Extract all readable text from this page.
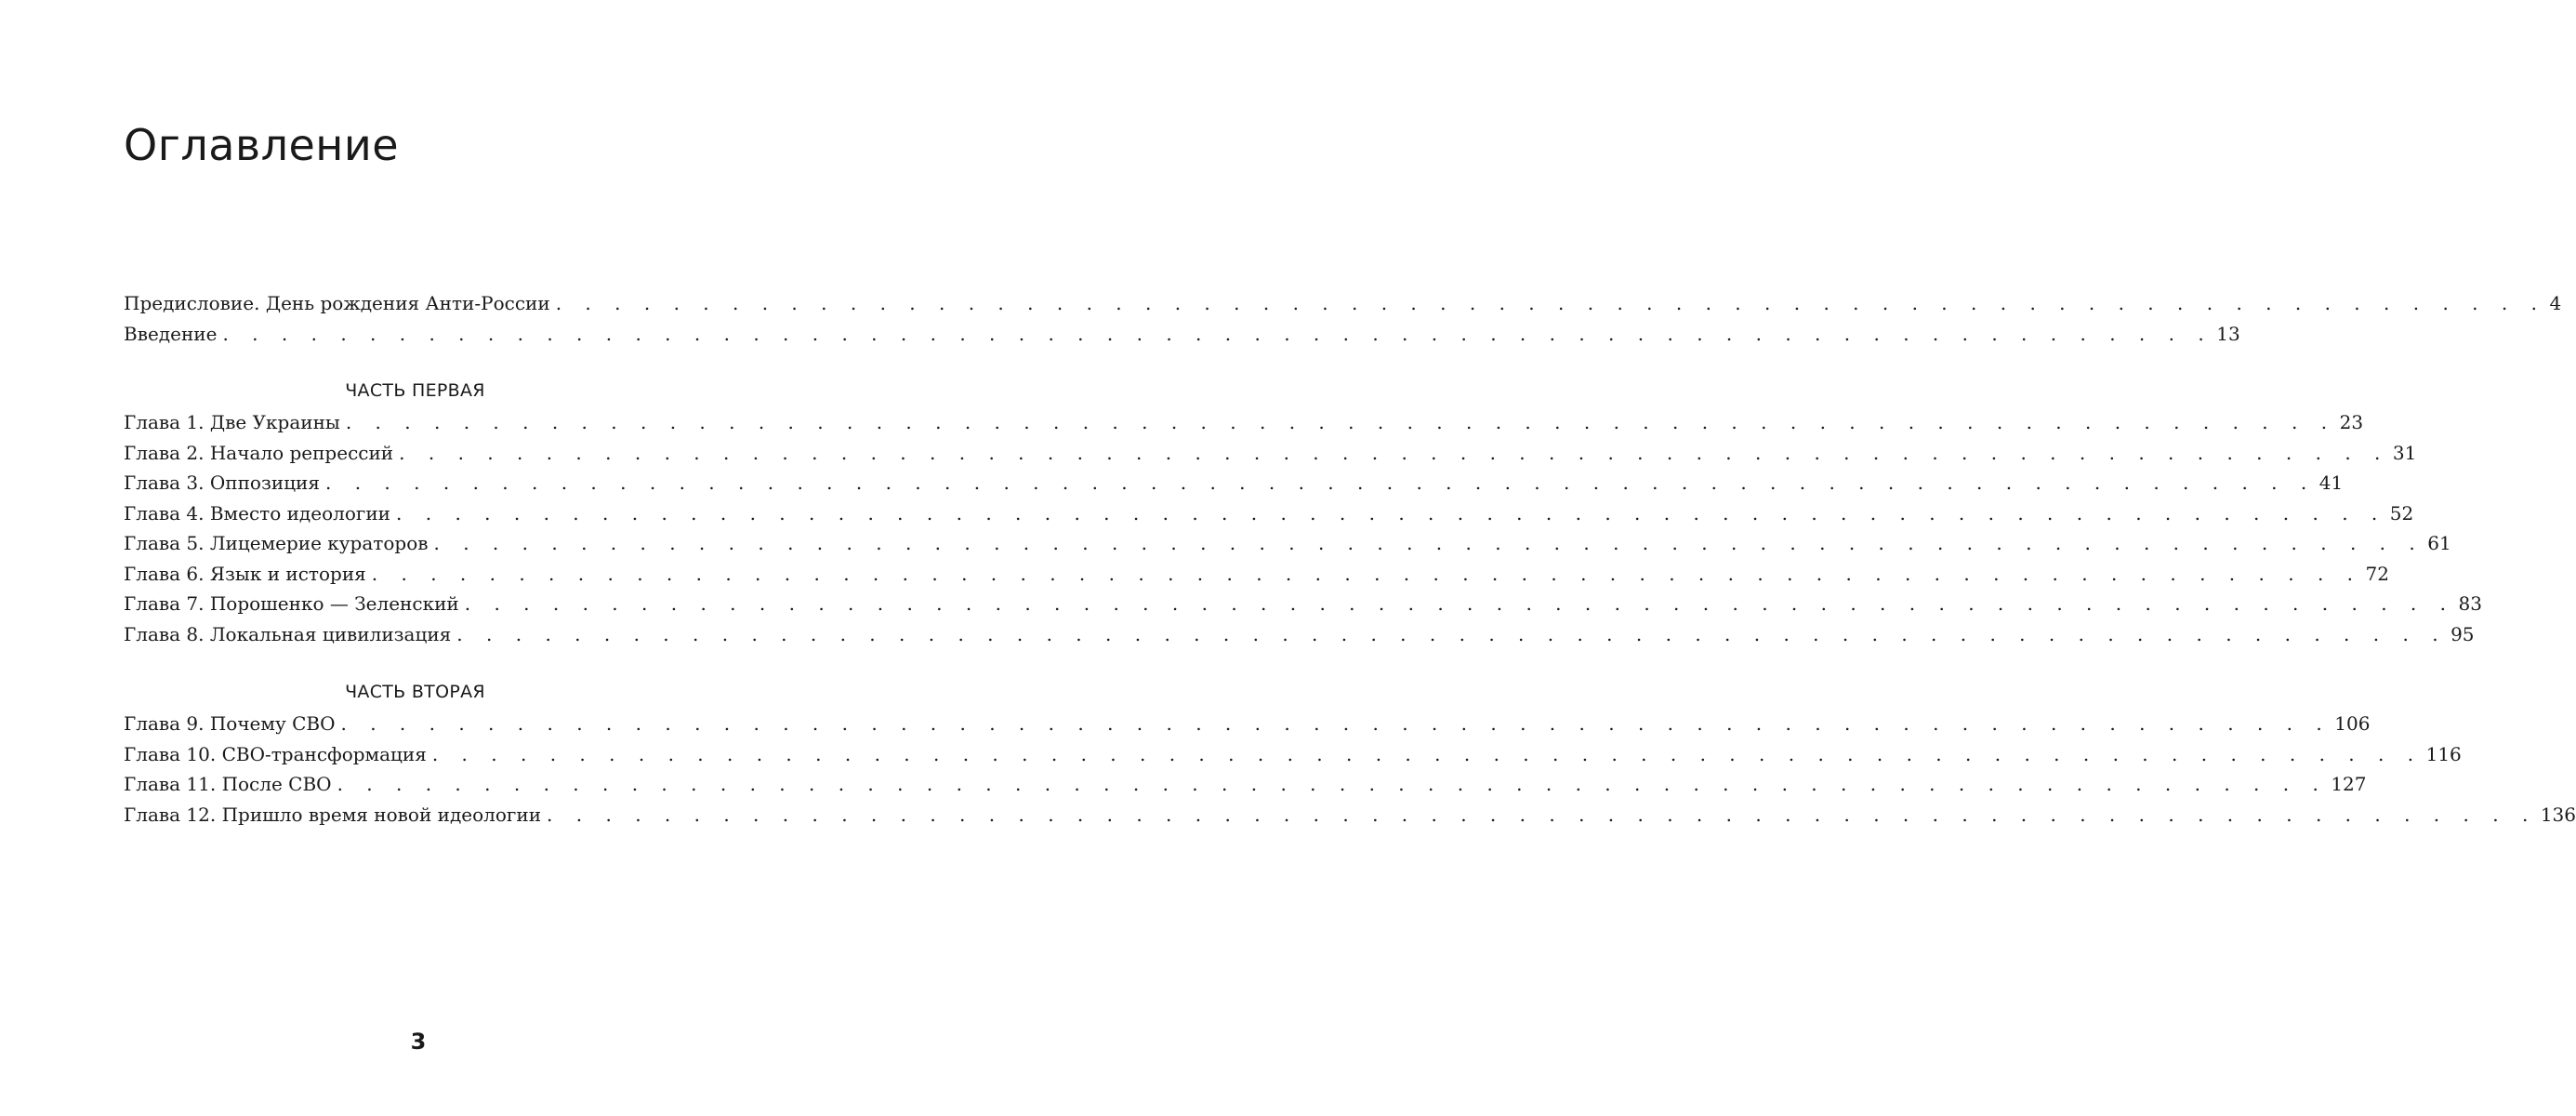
Оглавление
Предисловие. День рождения Анти-России . . . . . . . . . . . . . . . . . . . . . . . . . . . . . . . . . . . . . . . . . . . . . . . . . . . . . . . . . . . . . . . . . . . . 4
Введение . . . . . . . . . . . . . . . . . . . . . . . . . . . . . . . . . . . . . . . . . . . . . . . . . . . . . . . . . . . . . . . . . . . . 13
ЧАСТЬ ПЕРВАЯ
Глава 1. Две Украины . . . . . . . . . . . . . . . . . . . . . . . . . . . . . . . . . . . . . . . . . . . . . . . . . . . . . . . . . . . . . . . . . . . . 23
Глава 2. Начало репрессий . . . . . . . . . . . . . . . . . . . . . . . . . . . . . . . . . . . . . . . . . . . . . . . . . . . . . . . . . . . . . . . . . . . . 31
Глава 3. Оппозиция . . . . . . . . . . . . . . . . . . . . . . . . . . . . . . . . . . . . . . . . . . . . . . . . . . . . . . . . . . . . . . . . . . . . 41
Глава 4. Вместо идеологии . . . . . . . . . . . . . . . . . . . . . . . . . . . . . . . . . . . . . . . . . . . . . . . . . . . . . . . . . . . . . . . . . . . . 52
Глава 5. Лицемерие кураторов . . . . . . . . . . . . . . . . . . . . . . . . . . . . . . . . . . . . . . . . . . . . . . . . . . . . . . . . . . . . . . . . . . . . 61
Глава 6. Язык и история . . . . . . . . . . . . . . . . . . . . . . . . . . . . . . . . . . . . . . . . . . . . . . . . . . . . . . . . . . . . . . . . . . . . 72
Глава 7. Порошенко — Зеленский . . . . . . . . . . . . . . . . . . . . . . . . . . . . . . . . . . . . . . . . . . . . . . . . . . . . . . . . . . . . . . . . . . . . 83
Глава 8. Локальная цивилизация . . . . . . . . . . . . . . . . . . . . . . . . . . . . . . . . . . . . . . . . . . . . . . . . . . . . . . . . . . . . . . . . . . . . 95
ЧАСТЬ ВТОРАЯ
Глава 9. Почему СВО . . . . . . . . . . . . . . . . . . . . . . . . . . . . . . . . . . . . . . . . . . . . . . . . . . . . . . . . . . . . . . . . . . . . 106
Глава 10. СВО-трансформация . . . . . . . . . . . . . . . . . . . . . . . . . . . . . . . . . . . . . . . . . . . . . . . . . . . . . . . . . . . . . . . . . . . . 116
Глава 11. После СВО . . . . . . . . . . . . . . . . . . . . . . . . . . . . . . . . . . . . . . . . . . . . . . . . . . . . . . . . . . . . . . . . . . . . 127
Глава 12. Пришло время новой идеологии . . . . . . . . . . . . . . . . . . . . . . . . . . . . . . . . . . . . . . . . . . . . . . . . . . . . . . . . . . . . . . . . . . . . 136
3
